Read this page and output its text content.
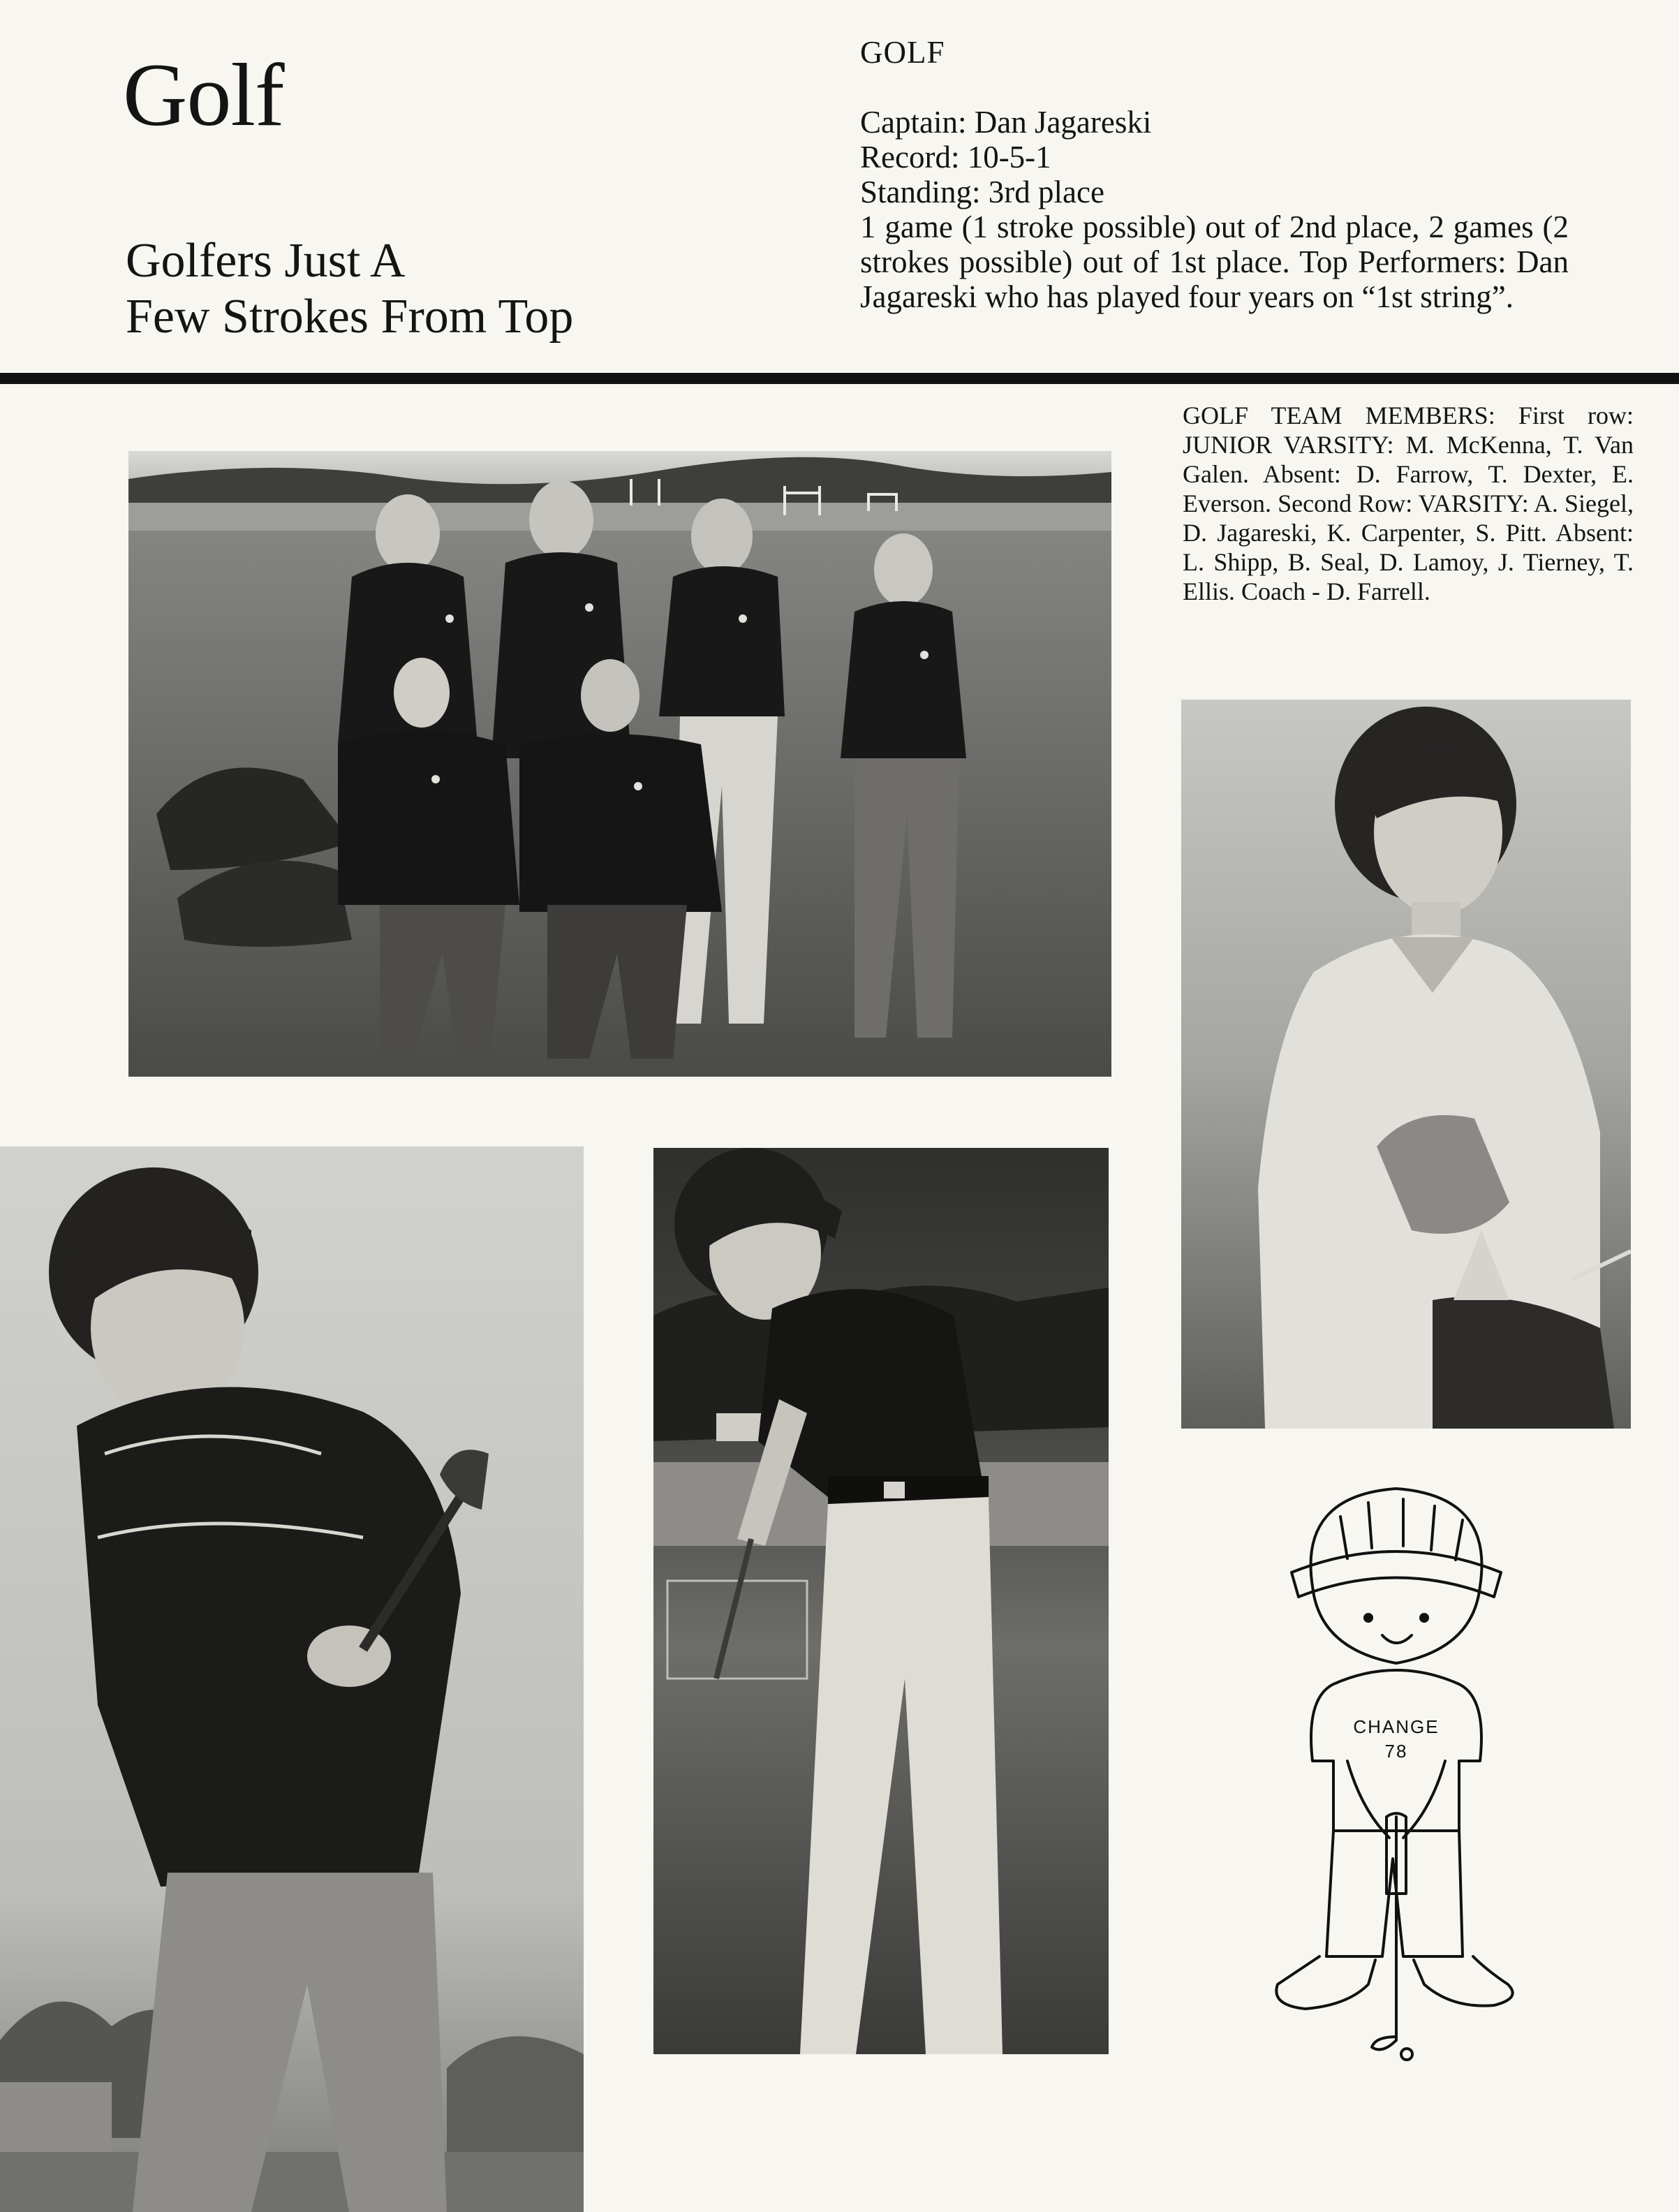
Golf
Golfers Just A
Few Strokes From Top
GOLF
Captain: Dan Jagareski
Record: 10-5-1
Standing: 3rd place
1 game (1 stroke possible) out of 2nd place, 2 games (2 strokes possible) out of 1st place. Top Performers: Dan Jagareski who has played four years on “1st string”.
GOLF TEAM MEMBERS: First row: JUNIOR VARSITY: M. McKenna, T. Van Galen. Absent: D. Farrow, T. Dexter, E. Everson. Second Row: VARSITY: A. Siegel, D. Jagareski, K. Carpenter, S. Pitt. Absent: L. Shipp, B. Seal, D. Lamoy, J. Tierney, T. Ellis. Coach - D. Farrell.
CHANGE
78
